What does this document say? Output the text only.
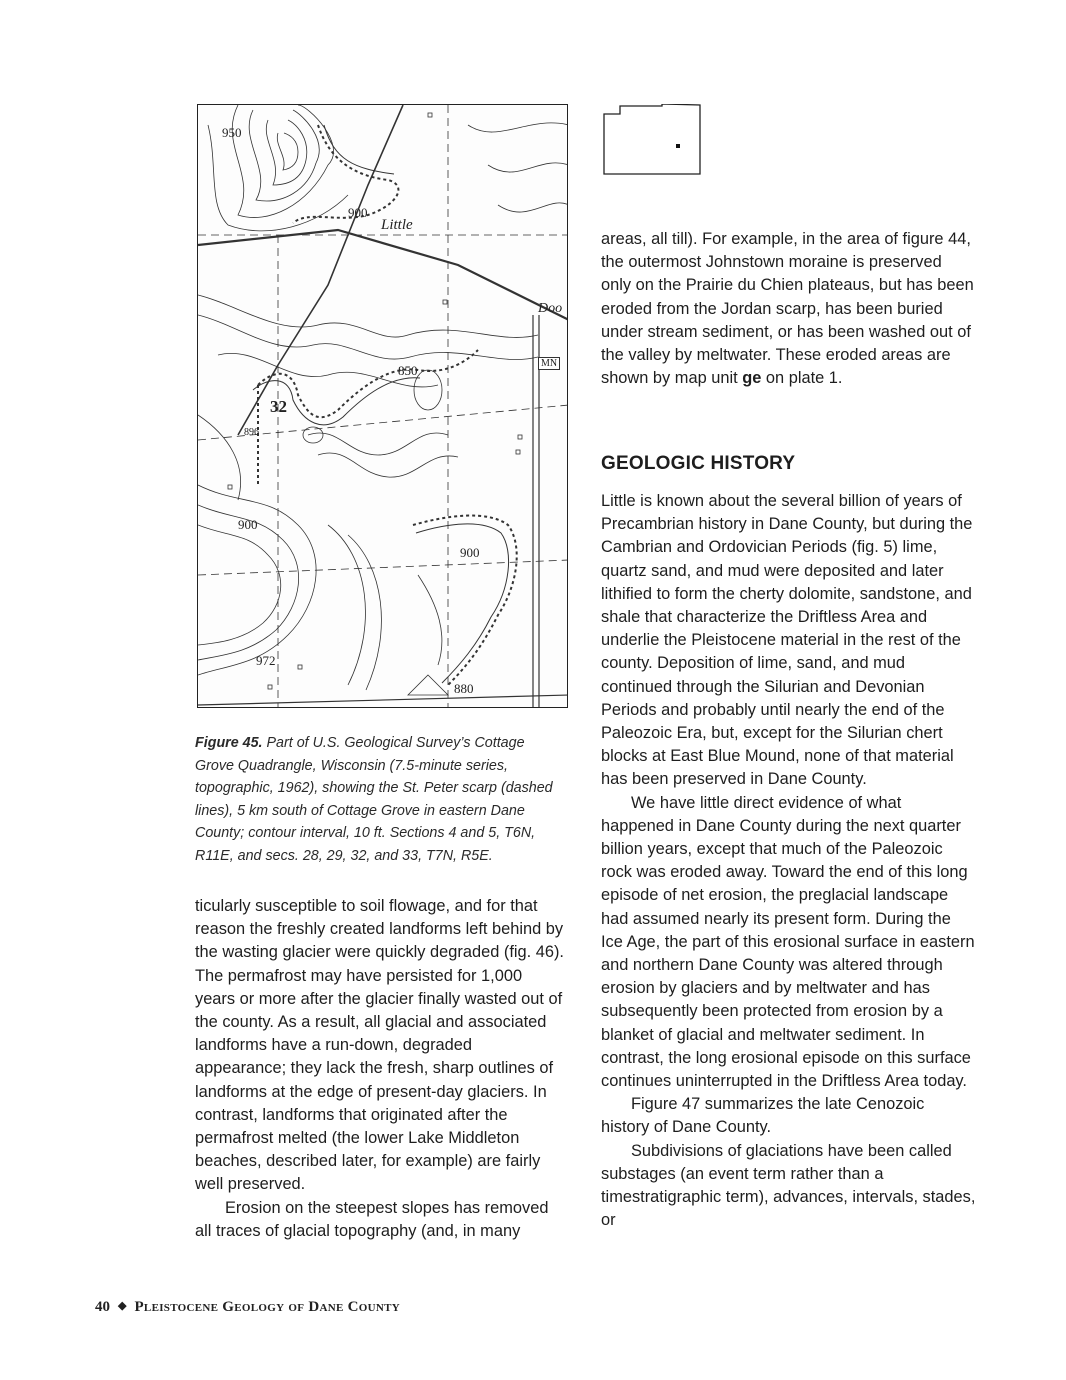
950
900
850
900
900
972
880
896
32
Little
Doo
MN

Figure 45. Part of U.S. Geological Survey’s Cottage Grove Quadrangle, Wisconsin (7.5-minute series, topographic, 1962), showing the St. Peter scarp (dashed lines), 5 km south of Cottage Grove in eastern Dane County; contour interval, 10 ft. Sections 4 and 5, T6N, R11E, and secs. 28, 29, 32, and 33, T7N, R5E.

ticularly susceptible to soil flowage, and for that reason the freshly created landforms left behind by the wasting glacier were quickly degraded (fig. 46). The permafrost may have persisted for 1,000 years or more after the glacier finally wasted out of the county. As a result, all glacial and associated landforms have a run-down, degraded appearance; they lack the fresh, sharp outlines of landforms at the edge of present-day glaciers. In contrast, landforms that originated after the permafrost melted (the lower Lake Middleton beaches, described later, for example) are fairly well preserved.

Erosion on the steepest slopes has removed all traces of glacial topography (and, in many

areas, all till). For example, in the area of figure 44, the outermost Johnstown moraine is preserved only on the Prairie du Chien plateaus, but has been eroded from the Jordan scarp, has been buried under stream sediment, or has been washed out of the valley by meltwater. These eroded areas are shown by map unit ge on plate 1.

GEOLOGIC HISTORY

Little is known about the several billion of years of Precambrian history in Dane County, but during the Cambrian and Ordovician Periods (fig. 5) lime, quartz sand, and mud were deposited and later lithified to form the cherty dolomite, sandstone, and shale that characterize the Driftless Area and underlie the Pleistocene material in the rest of the county. Deposition of lime, sand, and mud continued through the Silurian and Devonian Periods and probably until nearly the end of the Paleozoic Era, but, except for the Silurian chert blocks at East Blue Mound, none of that material has been preserved in Dane County.

We have little direct evidence of what happened in Dane County during the next quarter billion years, except that much of the Paleozoic rock was eroded away. Toward the end of this long episode of net erosion, the preglacial landscape had assumed nearly its present form. During the Ice Age, the part of this erosional surface in eastern and northern Dane County was altered through erosion by glaciers and by meltwater and has subsequently been protected from erosion by a blanket of glacial and meltwater sediment. In contrast, the long erosional episode on this surface continues uninterrupted in the Driftless Area today.

Figure 47 summarizes the late Cenozoic history of Dane County.

Subdivisions of glaciations have been called substages (an event term rather than a timestratigraphic term), advances, intervals, stades, or

40 ◆ Pleistocene Geology of Dane County
